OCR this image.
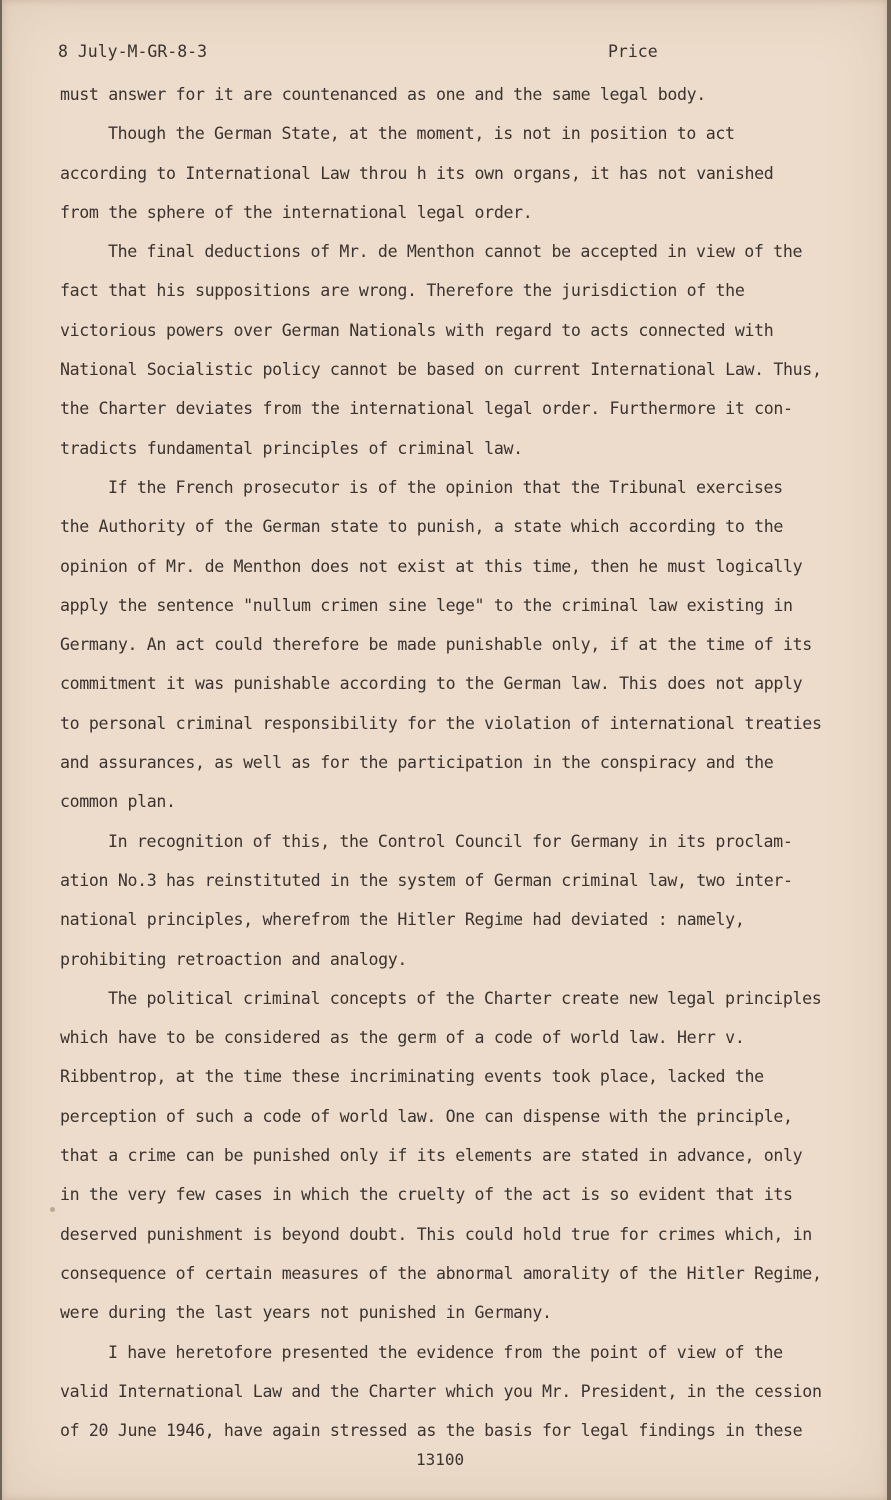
8 July-M-GR-8-3	Price
must answer for it are countenanced as one and the same legal body.
Though the German State, at the moment, is not in position to act
according to International Law throu h its own organs, it has not vanished
from the sphere of the international legal order.
The final deductions of Mr. de Menthon cannot be accepted in view of the
fact that his suppositions are wrong. Therefore the jurisdiction of the
victorious powers over German Nationals with regard to acts connected with
National Socialistic policy cannot be based on current International Law. Thus,
the Charter deviates from the international legal order. Furthermore it con-
tradicts fundamental principles of criminal law.
If the French prosecutor is of the opinion that the Tribunal exercises
the Authority of the German state to punish, a state which according to the
opinion of Mr. de Menthon does not exist at this time, then he must logically
apply the sentence "nullum crimen sine lege" to the criminal law existing in
Germany. An act could therefore be made punishable only, if at the time of its
commitment it was punishable according to the German law. This does not apply
to personal criminal responsibility for the violation of international treaties
and assurances, as well as for the participation in the conspiracy and the
common plan.
In recognition of this, the Control Council for Germany in its proclam-
ation No.3 has reinstituted in the system of German criminal law, two inter-
national principles, wherefrom the Hitler Regime had deviated : namely,
prohibiting retroaction and analogy.
The political criminal concepts of the Charter create new legal principles
which have to be considered as the germ of a code of world law. Herr v.
Ribbentrop, at the time these incriminating events took place, lacked the
perception of such a code of world law. One can dispense with the principle,
that a crime can be punished only if its elements are stated in advance, only
in the very few cases in which the cruelty of the act is so evident that its
deserved punishment is beyond doubt. This could hold true for crimes which, in
consequence of certain measures of the abnormal amorality of the Hitler Regime,
were during the last years not punished in Germany.
I have heretofore presented the evidence from the point of view of the
valid International Law and the Charter which you Mr. President, in the cession
of 20 June 1946, have again stressed as the basis for legal findings in these
13100
